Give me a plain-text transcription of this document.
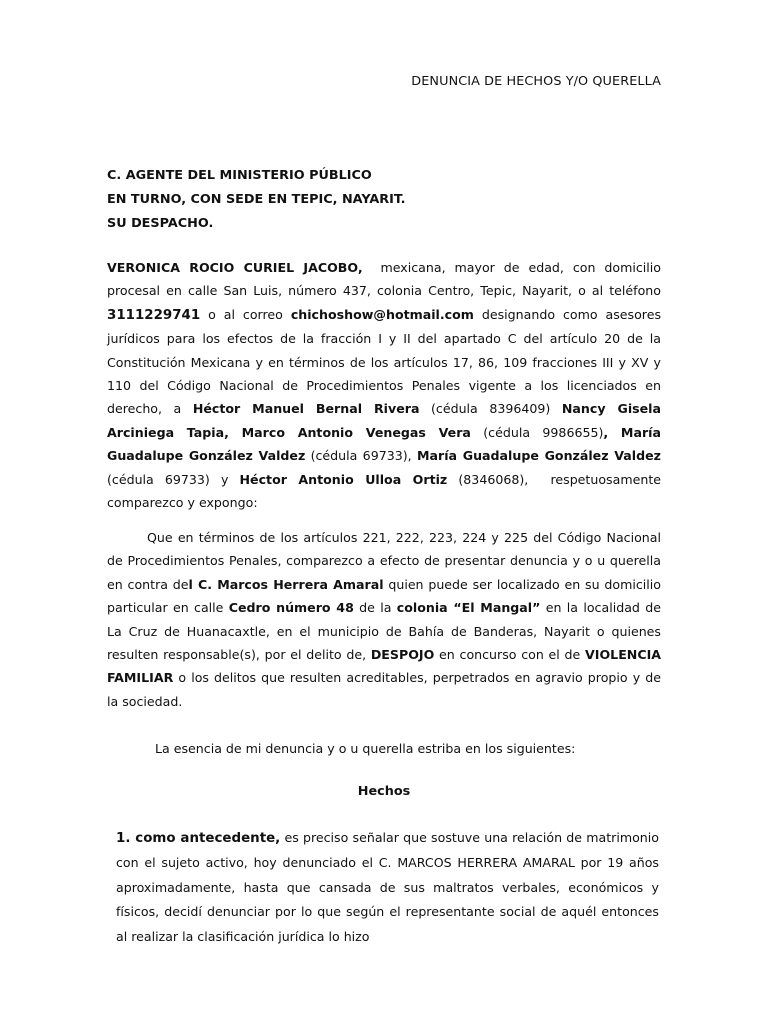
DENUNCIA DE HECHOS Y/O QUERELLA
C. AGENTE DEL MINISTERIO PÚBLICO
EN TURNO, CON SEDE EN TEPIC, NAYARIT.
SU DESPACHO.

VERONICA ROCIO CURIEL JACOBO,  mexicana, mayor de edad, con domicilio procesal en calle San Luis, número 437, colonia Centro, Tepic, Nayarit, o al teléfono 3111229741 o al correo chichoshow@hotmail.com designando como asesores jurídicos para los efectos de la fracción I y II del apartado C del artículo 20 de la Constitución Mexicana y en términos de los artículos 17, 86, 109 fracciones III y XV y 110 del Código Nacional de Procedimientos Penales vigente a los licenciados en derecho, a Héctor Manuel Bernal Rivera (cédula 8396409) Nancy Gisela Arciniega Tapia, Marco Antonio Venegas Vera (cédula 9986655), María Guadalupe González Valdez (cédula 69733), María Guadalupe González Valdez (cédula 69733) y Héctor Antonio Ulloa Ortiz (8346068),  respetuosamente comparezco y expongo:

Que en términos de los artículos 221, 222, 223, 224 y 225 del Código Nacional de Procedimientos Penales, comparezco a efecto de presentar denuncia y o u querella en contra del C. Marcos Herrera Amaral quien puede ser localizado en su domicilio particular en calle Cedro número 48 de la colonia “El Mangal” en la localidad de La Cruz de Huanacaxtle, en el municipio de Bahía de Banderas, Nayarit o quienes resulten responsable(s), por el delito de, DESPOJO en concurso con el de VIOLENCIA FAMILIAR o los delitos que resulten acreditables, perpetrados en agravio propio y de la sociedad.

La esencia de mi denuncia y o u querella estriba en los siguientes:

Hechos

1. como antecedente, es preciso señalar que sostuve una relación de matrimonio con el sujeto activo, hoy denunciado el C. MARCOS HERRERA AMARAL por 19 años aproximadamente, hasta que cansada de sus maltratos verbales, económicos y físicos, decidí denunciar por lo que según el representante social de aquél entonces al realizar la clasificación jurídica lo hizo
